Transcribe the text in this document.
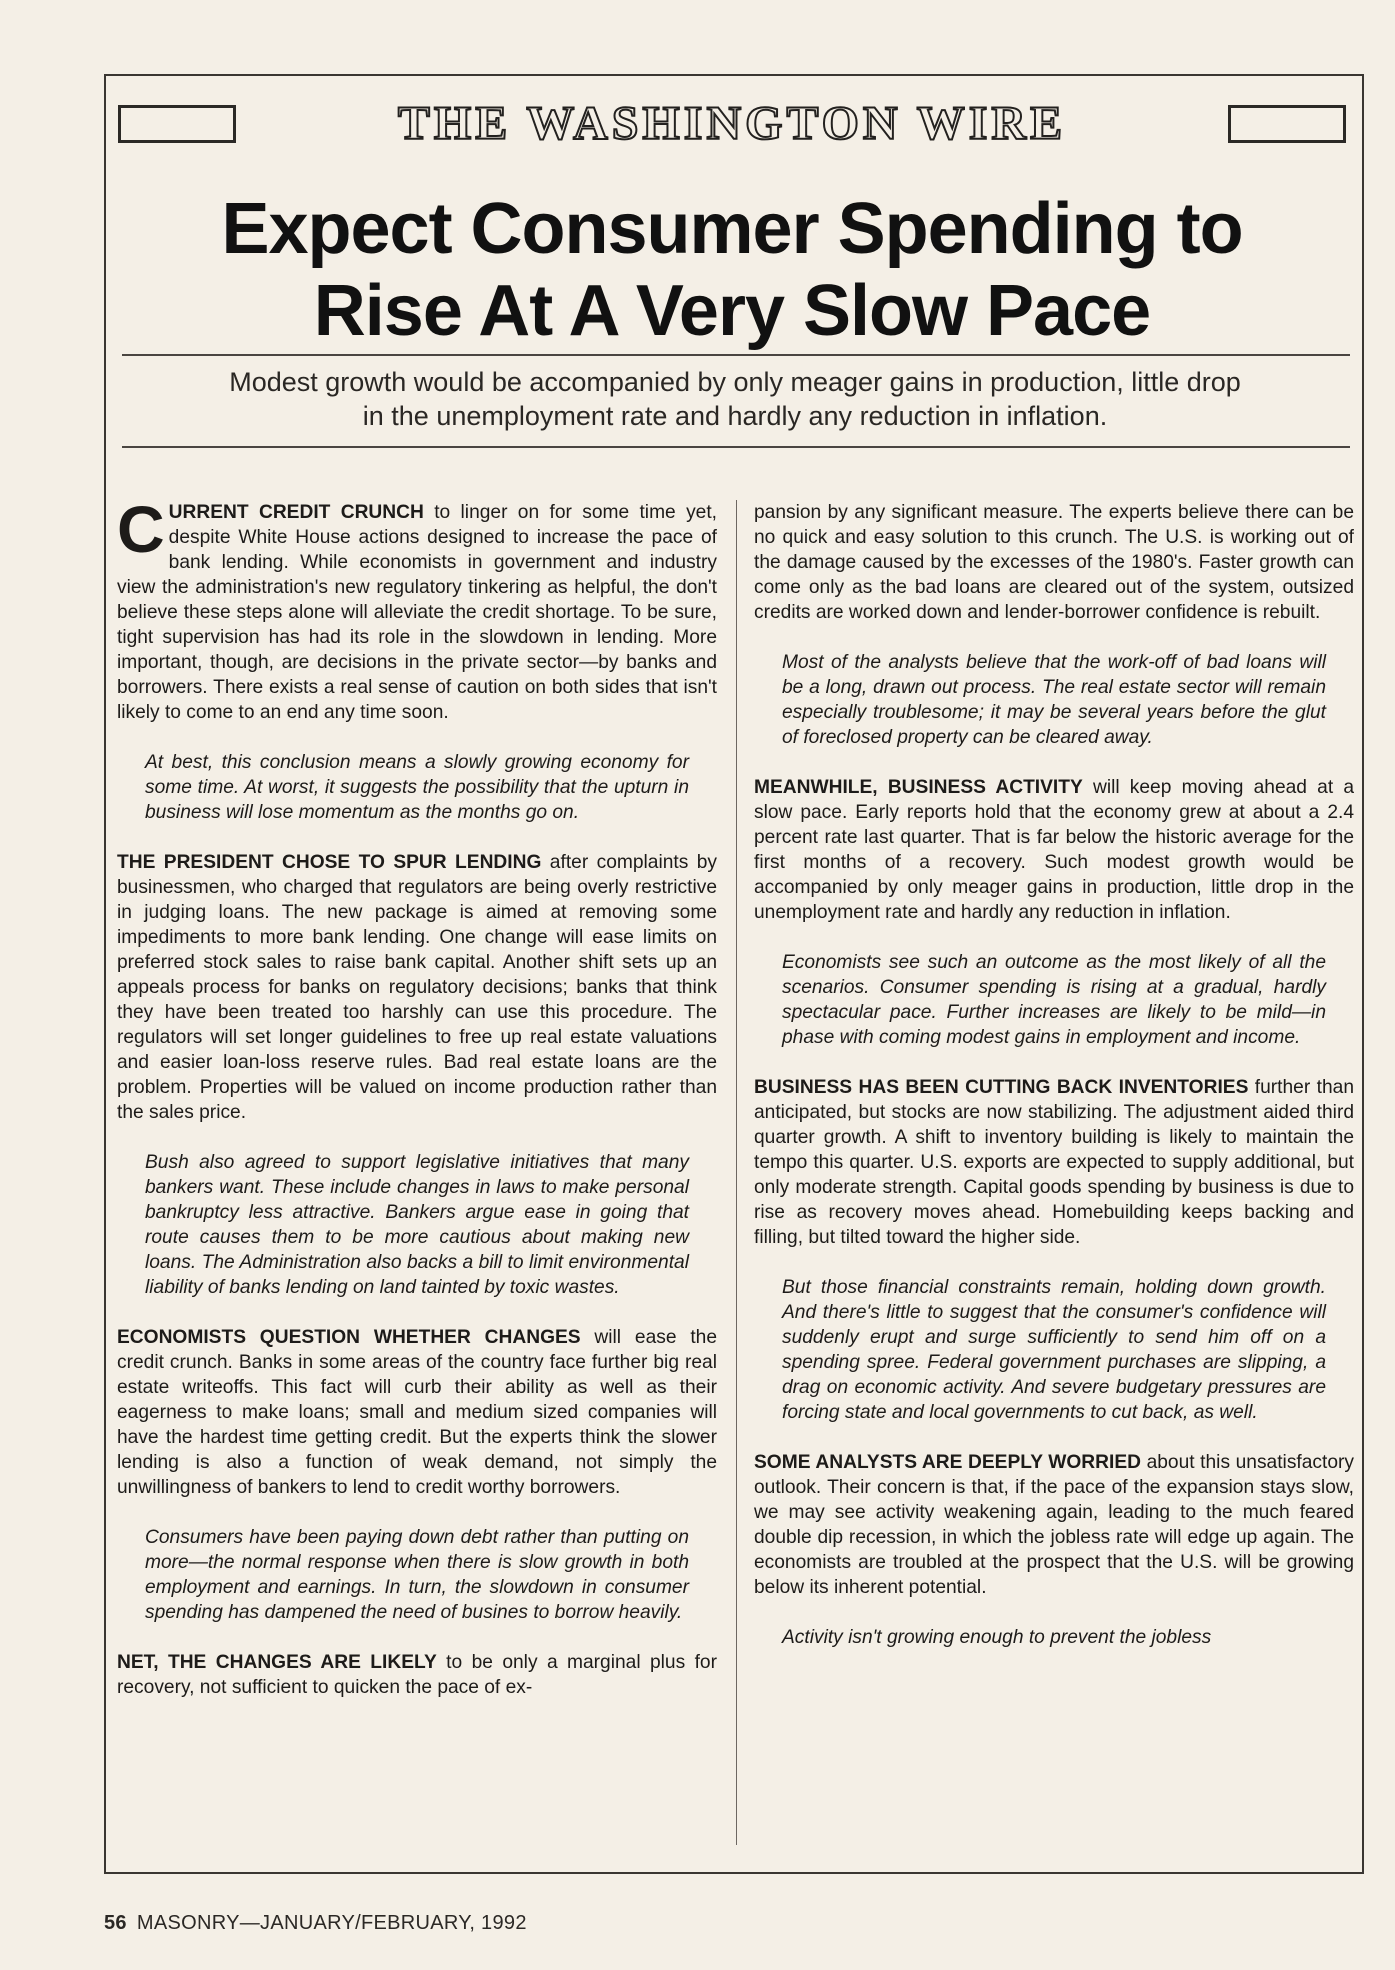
THE WASHINGTON WIRE
Expect Consumer Spending to
Rise At A Very Slow Pace
Modest growth would be accompanied by only meager gains in production, little drop
in the unemployment rate and hardly any reduction in inflation.

CURRENT CREDIT CRUNCH to linger on for some time yet, despite White House actions designed to increase the pace of bank lending. While economists in government and industry view the administration's new regulatory tinkering as helpful, the don't believe these steps alone will alleviate the credit shortage. To be sure, tight supervision has had its role in the slowdown in lending. More important, though, are decisions in the private sector—by banks and borrowers. There exists a real sense of caution on both sides that isn't likely to come to an end any time soon.

At best, this conclusion means a slowly growing economy for some time. At worst, it suggests the possibility that the upturn in business will lose momentum as the months go on.

THE PRESIDENT CHOSE TO SPUR LENDING after complaints by businessmen, who charged that regulators are being overly restrictive in judging loans. The new package is aimed at removing some impediments to more bank lending. One change will ease limits on preferred stock sales to raise bank capital. Another shift sets up an appeals process for banks on regulatory decisions; banks that think they have been treated too harshly can use this procedure. The regulators will set longer guidelines to free up real estate valuations and easier loan-loss reserve rules. Bad real estate loans are the problem. Properties will be valued on income production rather than the sales price.

Bush also agreed to support legislative initiatives that many bankers want. These include changes in laws to make personal bankruptcy less attractive. Bankers argue ease in going that route causes them to be more cautious about making new loans. The Administration also backs a bill to limit environmental liability of banks lending on land tainted by toxic wastes.

ECONOMISTS QUESTION WHETHER CHANGES will ease the credit crunch. Banks in some areas of the country face further big real estate writeoffs. This fact will curb their ability as well as their eagerness to make loans; small and medium sized companies will have the hardest time getting credit. But the experts think the slower lending is also a function of weak demand, not simply the unwillingness of bankers to lend to credit worthy borrowers.

Consumers have been paying down debt rather than putting on more—the normal response when there is slow growth in both employment and earnings. In turn, the slowdown in consumer spending has dampened the need of busines to borrow heavily.

NET, THE CHANGES ARE LIKELY to be only a marginal plus for recovery, not sufficient to quicken the pace of ex-

pansion by any significant measure. The experts believe there can be no quick and easy solution to this crunch. The U.S. is working out of the damage caused by the excesses of the 1980's. Faster growth can come only as the bad loans are cleared out of the system, outsized credits are worked down and lender-borrower confidence is rebuilt.

Most of the analysts believe that the work-off of bad loans will be a long, drawn out process. The real estate sector will remain especially troublesome; it may be several years before the glut of foreclosed property can be cleared away.

MEANWHILE, BUSINESS ACTIVITY will keep moving ahead at a slow pace. Early reports hold that the economy grew at about a 2.4 percent rate last quarter. That is far below the historic average for the first months of a recovery. Such modest growth would be accompanied by only meager gains in production, little drop in the unemployment rate and hardly any reduction in inflation.

Economists see such an outcome as the most likely of all the scenarios. Consumer spending is rising at a gradual, hardly spectacular pace. Further increases are likely to be mild—in phase with coming modest gains in employment and income.

BUSINESS HAS BEEN CUTTING BACK INVENTORIES further than anticipated, but stocks are now stabilizing. The adjustment aided third quarter growth. A shift to inventory building is likely to maintain the tempo this quarter. U.S. exports are expected to supply additional, but only moderate strength. Capital goods spending by business is due to rise as recovery moves ahead. Homebuilding keeps backing and filling, but tilted toward the higher side.

But those financial constraints remain, holding down growth. And there's little to suggest that the consumer's confidence will suddenly erupt and surge sufficiently to send him off on a spending spree. Federal government purchases are slipping, a drag on economic activity. And severe budgetary pressures are forcing state and local governments to cut back, as well.

SOME ANALYSTS ARE DEEPLY WORRIED about this unsatisfactory outlook. Their concern is that, if the pace of the expansion stays slow, we may see activity weakening again, leading to the much feared double dip recession, in which the jobless rate will edge up again. The economists are troubled at the prospect that the U.S. will be growing below its inherent potential.

Activity isn't growing enough to prevent the jobless

56 MASONRY—JANUARY/FEBRUARY, 1992
